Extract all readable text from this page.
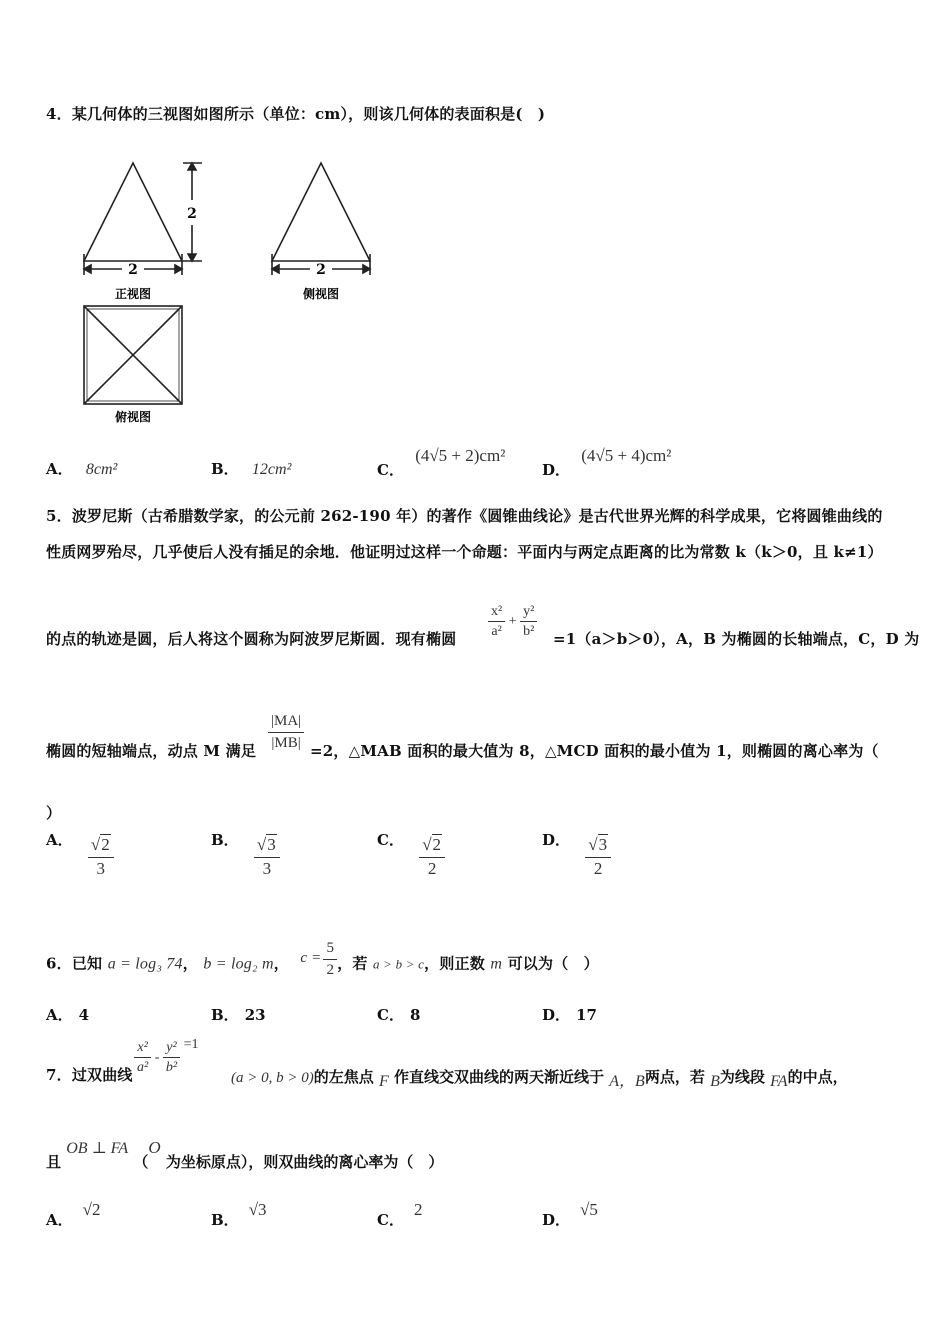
4．某几何体的三视图如图所示（单位：cm），则该几何体的表面积是(　)
2
2
正视图
2
侧视图
俯视图
A． 8cm²	B． 12cm²	C． (4√5 + 2)cm²
D． (4√5 + 4)cm²
5．波罗尼斯（古希腊数学家，的公元前 262-190 年）的著作《圆锥曲线论》是古代世界光辉的科学成果，它将圆锥曲线的
性质网罗殆尽，几乎使后人没有插足的余地．他证明过这样一个命题：平面内与两定点距离的比为常数 k（k＞0，且 k≠1）
的点的轨迹是圆，后人将这个圆称为阿波罗尼斯圆．现有椭圆 $\frac{\text{x²}}{\text{a²}} + \frac{\text{y²}}{\text{b²}} =1(a>b>0)$，A，B 为椭圆的长轴端点，C，D 为
椭圆的短轴端点，动点 M 满足 $\frac{|MA|}{|MB|} =2$，△MAB 面积的最大值为 8，△MCD 面积的最小值为 1，则椭圆的离心率为（
）
A． $\frac{√2}{3}$	B． $\frac{√3}{3}$	C． $\frac{√2}{2}$	D． $\frac{√3}{2}$
6．已知 a = log₃ 74， b = log₂ m， $c = \frac{5}{2}$ ，若 a > b > c，则正数 m 可以为（　）
A． 4	B． 23	C． 8	D． 17
7．过双曲线 $\frac{\text{x²}}{\text{a²}} - \frac{\text{y²}}{\text{b²}} =1$
(a > 0, b > 0)的左焦点 F 作直线交双曲线的两天渐近线于 A，B两点，若 B为线段 FA的中点，
且 OB ⊥ FA （O 为坐标原点），则双曲线的离心率为（　）
A．√2
B．√3
C．2
D．√5
